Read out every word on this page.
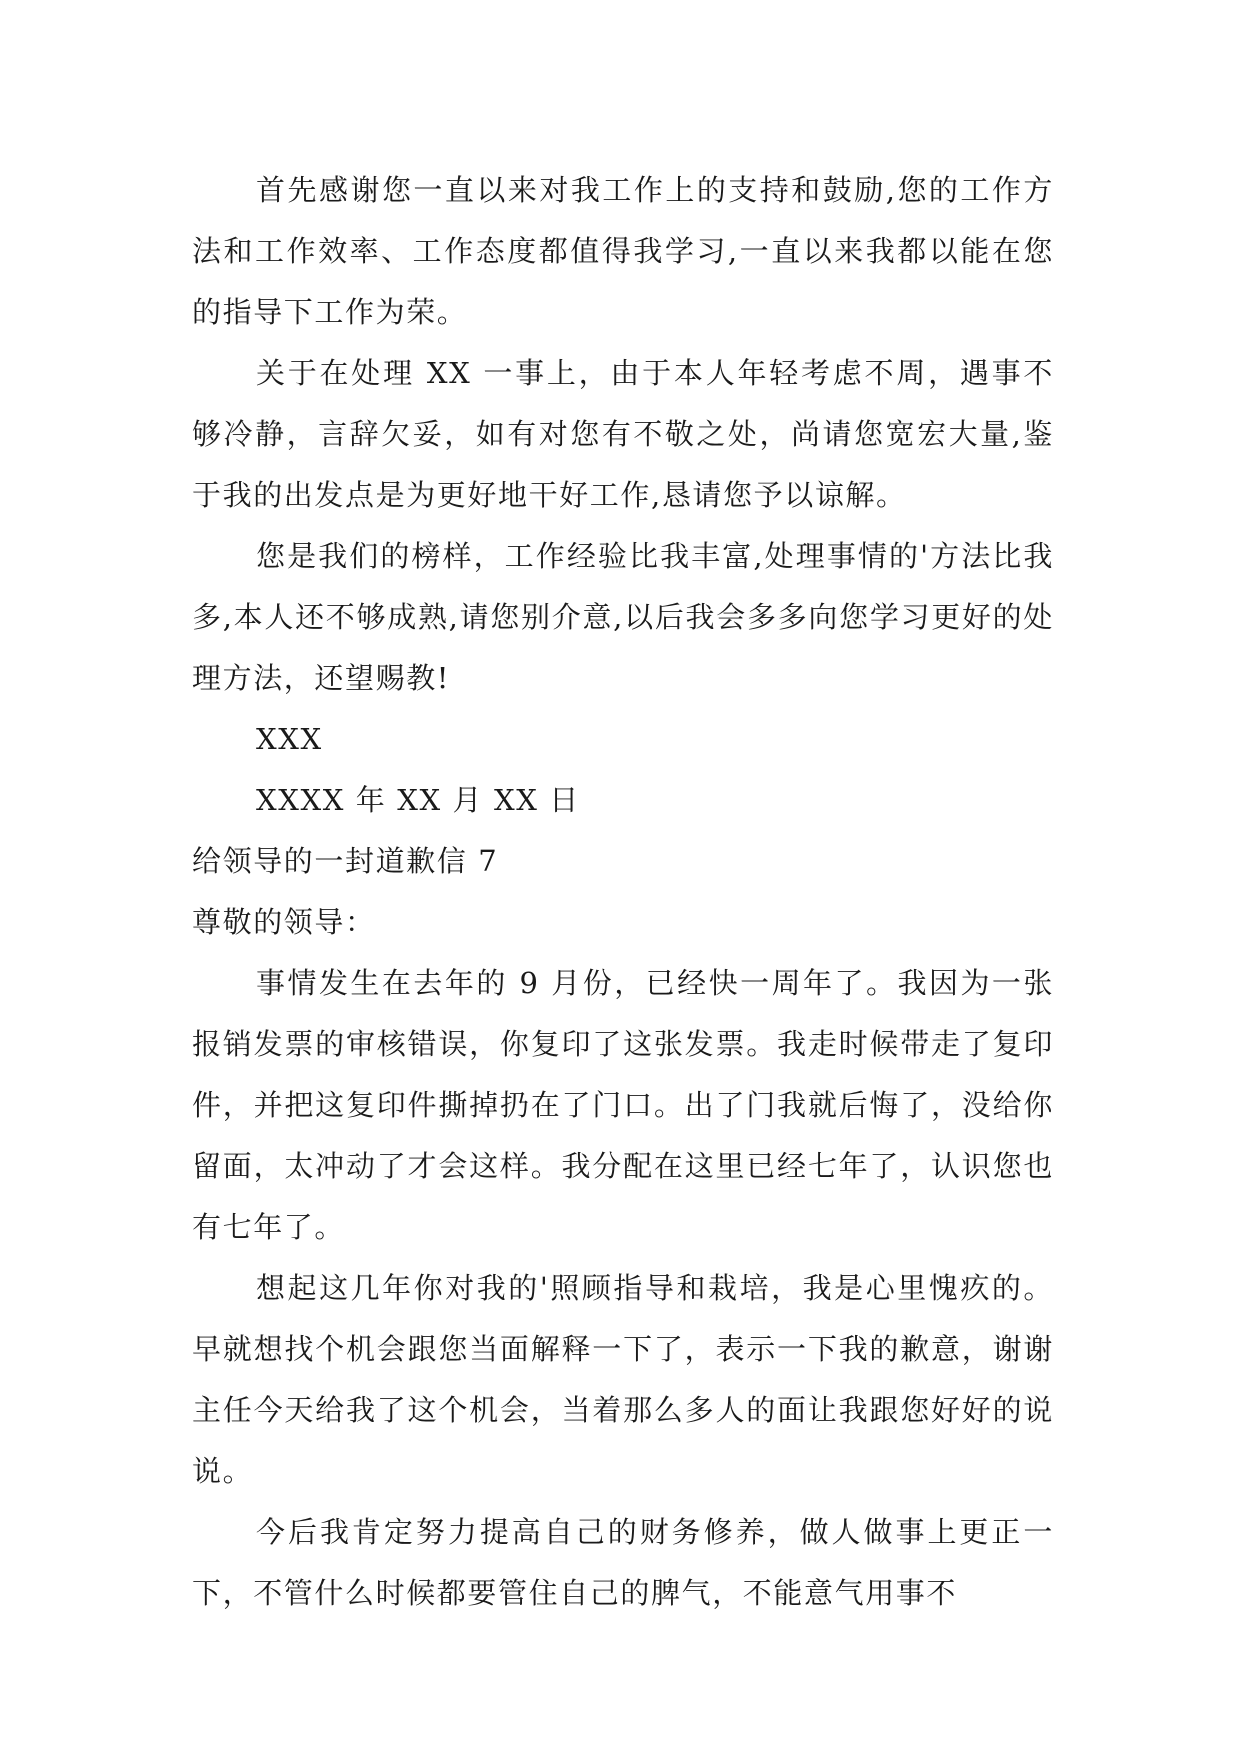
首先感谢您一直以来对我工作上的支持和鼓励,您的工作方法和工作效率、工作态度都值得我学习,一直以来我都以能在您的指导下工作为荣。

关于在处理 XX 一事上，由于本人年轻考虑不周，遇事不够冷静，言辞欠妥，如有对您有不敬之处，尚请您宽宏大量,鉴于我的出发点是为更好地干好工作,恳请您予以谅解。

您是我们的榜样，工作经验比我丰富,处理事情的'方法比我多,本人还不够成熟,请您别介意,以后我会多多向您学习更好的处理方法，还望赐教!

XXX

XXXX 年 XX 月 XX 日

给领导的一封道歉信 7

尊敬的领导：

事情发生在去年的 9 月份，已经快一周年了。我因为一张报销发票的审核错误，你复印了这张发票。我走时候带走了复印件，并把这复印件撕掉扔在了门口。出了门我就后悔了，没给你留面，太冲动了才会这样。我分配在这里已经七年了，认识您也有七年了。

想起这几年你对我的'照顾指导和栽培，我是心里愧疚的。早就想找个机会跟您当面解释一下了，表示一下我的歉意，谢谢主任今天给我了这个机会，当着那么多人的面让我跟您好好的说说。

今后我肯定努力提高自己的财务修养，做人做事上更正一下，不管什么时候都要管住自己的脾气，不能意气用事不
